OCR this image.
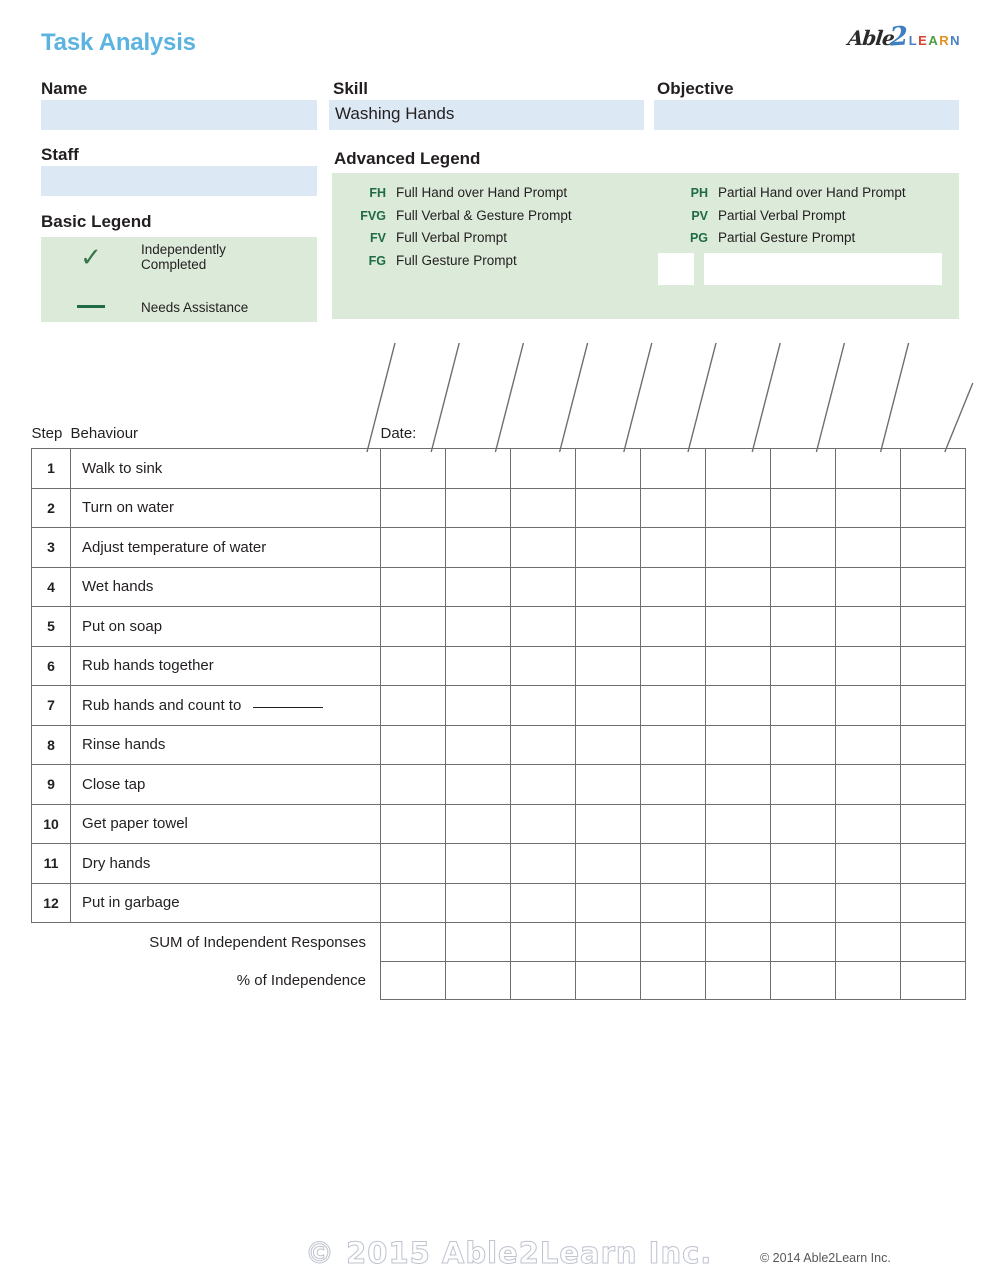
Task Analysis	Able
2 L E A R N
Name	Skill
Washing Hands
Objective
Staff
Basic Legend
✓	Independently
Completed
Needs Assistance
Advanced Legend
FH Full Hand over Hand Prompt
FVG Full Verbal & Gesture Prompt
FV Full Verbal Prompt
FG Full Gesture Prompt
PH Partial Hand over Hand Prompt
PV Partial Verbal Prompt
PG Partial Gesture Prompt
Step	Behaviour	Date:								
1	Walk to sink									
2	Turn on water									
3	Adjust temperature of water									
4	Wet hands									
5	Put on soap									
6	Rub hands together									
7	Rub hands and count to									
8	Rinse hands									
9	Close tap									
10	Get paper towel									
11	Dry hands									
12	Put in garbage									
SUM of Independent Responses										
% of Independence										
© 2015 Able2Learn Inc.	© 2014 Able2Learn Inc.
